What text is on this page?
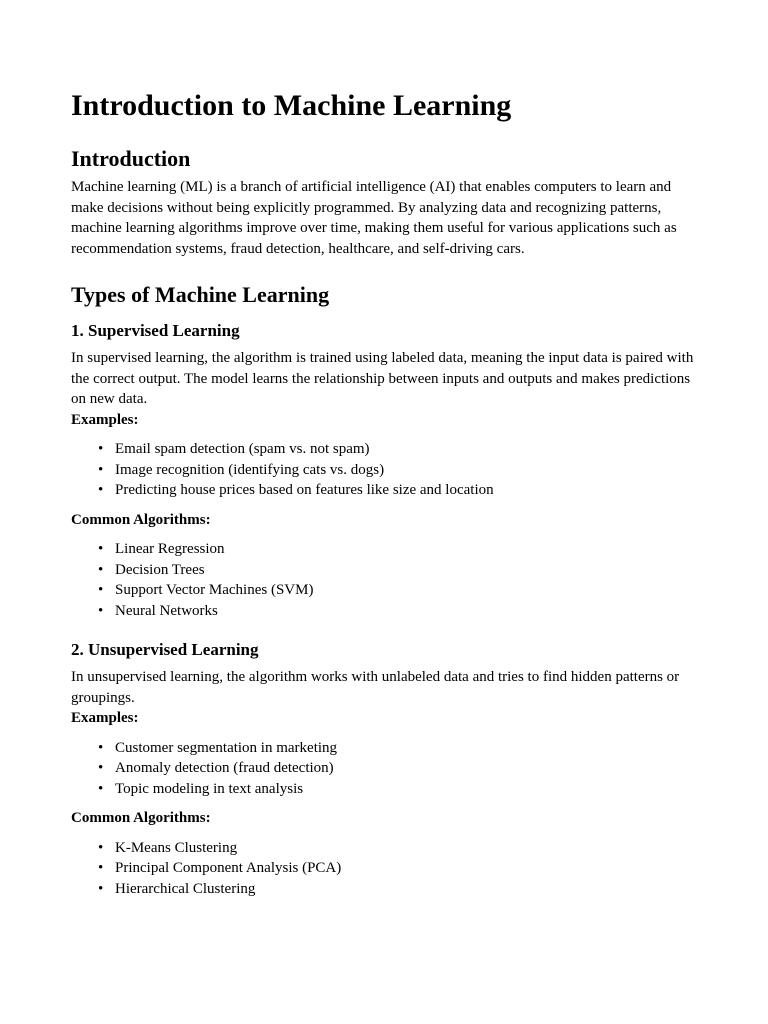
Introduction to Machine Learning
Introduction

Machine learning (ML) is a branch of artificial intelligence (AI) that enables computers to learn and make decisions without being explicitly programmed. By analyzing data and recognizing patterns, machine learning algorithms improve over time, making them useful for various applications such as recommendation systems, fraud detection, healthcare, and self-driving cars.

Types of Machine Learning
1. Supervised Learning

In supervised learning, the algorithm is trained using labeled data, meaning the input data is paired with the correct output. The model learns the relationship between inputs and outputs and makes predictions on new data.

Examples:
• Email spam detection (spam vs. not spam)
• Image recognition (identifying cats vs. dogs)
• Predicting house prices based on features like size and location
Common Algorithms:
• Linear Regression
• Decision Trees
• Support Vector Machines (SVM)
• Neural Networks
2. Unsupervised Learning

In unsupervised learning, the algorithm works with unlabeled data and tries to find hidden patterns or groupings.

Examples:
• Customer segmentation in marketing
• Anomaly detection (fraud detection)
• Topic modeling in text analysis
Common Algorithms:
• K-Means Clustering
• Principal Component Analysis (PCA)
• Hierarchical Clustering
